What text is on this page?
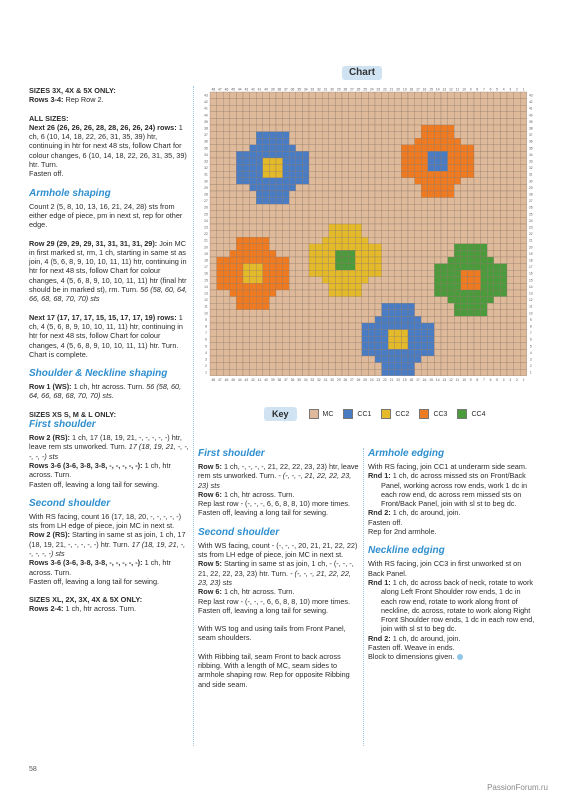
SIZES 3X, 4X & 5X ONLY:
Rows 3-4: Rep Row 2.

ALL SIZES:
Next 26 (26, 26, 26, 28, 28, 26, 26, 24) rows: 1 ch, 6 (10, 14, 18, 22, 26, 31, 35, 39) htr, continuing in htr for next 48 sts, follow Chart for colour changes, 6 (10, 14, 18, 22, 26, 31, 35, 39) htr. Turn.
Fasten off.

Armhole shaping

Count 2 (5, 8, 10, 13, 16, 21, 24, 28) sts from either edge of piece, pm in next st, rep for other edge.

Row 29 (29, 29, 29, 31, 31, 31, 31, 29): Join MC in first marked st, rm, 1 ch, starting in same st as join, 4 (5, 6, 8, 9, 10, 10, 11, 11) htr, continuing in htr for next 48 sts, follow Chart for colour changes, 4 (5, 6, 8, 9, 10, 10, 11, 11) htr (final htr should be in marked st), rm. Turn. 56 (58, 60, 64, 66, 68, 68, 70, 70) sts

Next 17 (17, 17, 17, 15, 15, 17, 17, 19) rows: 1 ch, 4 (5, 6, 8, 9, 10, 10, 11, 11) htr, continuing in htr for next 48 sts, follow Chart for colour changes, 4 (5, 6, 8, 9, 10, 10, 11, 11) htr. Turn.
Chart is complete.

Shoulder & Neckline shaping

Row 1 (WS): 1 ch, htr across. Turn. 56 (58, 60, 64, 66, 68, 68, 70, 70) sts.

SIZES XS S, M & L ONLY:
First shoulder
Row 2 (RS): 1 ch, 17 (18, 19, 21, -, -, -, -, -) htr, leave rem sts unworked. Turn. 17 (18, 19, 21, -, -, -, -, -) sts
Rows 3-6 (3-6, 3-8, 3-8, -, -, -, -, -): 1 ch, htr across. Turn.

Fasten off, leaving a long tail for sewing.

Second shoulder
With RS facing, count 16 (17, 18, 20, -, -, -, -, -) sts from LH edge of piece, join MC in next st.
Row 2 (RS): Starting in same st as join, 1 ch, 17 (18, 19, 21, -, -, -, -, -) htr. Turn. 17 (18, 19, 21, -, -, -, -, -) sts
Rows 3-6 (3-6, 3-8, 3-8, -, -, -, -, -): 1 ch, htr across. Turn.

Fasten off, leaving a long tail for sewing.

SIZES XL, 2X, 3X, 4X & 5X ONLY:
Rows 2-4: 1 ch, htr across. Turn.
Chart
48
48
47
47
46
46
45
45
44
44
43
43
42
42
41
41
40
40
39
39
38
38
37
37
36
36
35
35
34
34
33
33
32
32
31
31
30
30
29
29
28
28
27
27
26
26
25
25
24
24
23
23
22
22
21
21
20
20
19
19
18
18
17
17
16
16
15
15
14
14
13
13
12
12
11
11
10
10
9
9
8
8
7
7
6
6
5
5
4
4
3
3
2
2
1
1
43	43
42	42
41	41
40	40
39	39
38	38
37	37
36	36
35	35
34	34
33	33
32	32
31	31
30	30
29	29
28	28
27	27
26	26
25	25
24	24
23	23
22	22
21	21
20	20
19	19
18	18
17	17
16	16
15	15
14	14
13	13
12	12
11	11
10	10
9	9
8	8
7	7
6	6
5	5
4	4
3	3
2	2
1	1
Key	MC	CC1	CC2	CC3	CC4
First shoulder
Row 5: 1 ch, -, -, -, -, 21, 22, 22, 23, 23) htr, leave rem sts unworked. Turn. - (-, -, -, 21, 22, 22, 23, 23) sts
Row 6: 1 ch, htr across. Turn.
Rep last row - (-, -, -, 6, 6, 8, 8, 10) more times.
Fasten off, leaving a long tail for sewing.
Second shoulder
With WS facing, count - (-, -, -, 20, 21, 21, 22, 22) sts from LH edge of piece, join MC in next st.
Row 5: Starting in same st as join, 1 ch, - (-, -, -, 21, 22, 22, 23, 23) htr. Turn. - (-, -, -, 21, 22, 22, 23, 23) sts
Row 6: 1 ch, htr across. Turn.
Rep last row - (-, -, -, 6, 6, 8, 8, 10) more times.

Fasten off, leaving a long tail for sewing.

With WS tog and using tails from Front Panel, seam shoulders.

With Ribbing tail, seam Front to back across ribbing. With a length of MC, seam sides to armhole shaping row. Rep for opposite Ribbing and side seam.

Armhole edging
With RS facing, join CC1 at underarm side seam.
Rnd 1: 1 ch, dc across missed sts on Front/Back Panel, working across row ends, work 1 dc in each row end, dc across rem missed sts on Front/Back Panel, join with sl st to beg dc.
Rnd 2: 1 ch, dc around, join.
Fasten off.
Rep for 2nd armhole.
Neckline edging
With RS facing, join CC3 in first unworked st on Back Panel.
Rnd 1: 1 ch, dc across back of neck, rotate to work along Left Front Shoulder row ends, 1 dc in each row end, rotate to work along front of neckline, dc across, rotate to work along Right Front Shoulder row ends, 1 dc in each row end, join with sl st to beg dc.
Rnd 2: 1 ch, dc around, join.
Fasten off. Weave in ends.
Block to dimensions given.
58
PassionForum.ru
